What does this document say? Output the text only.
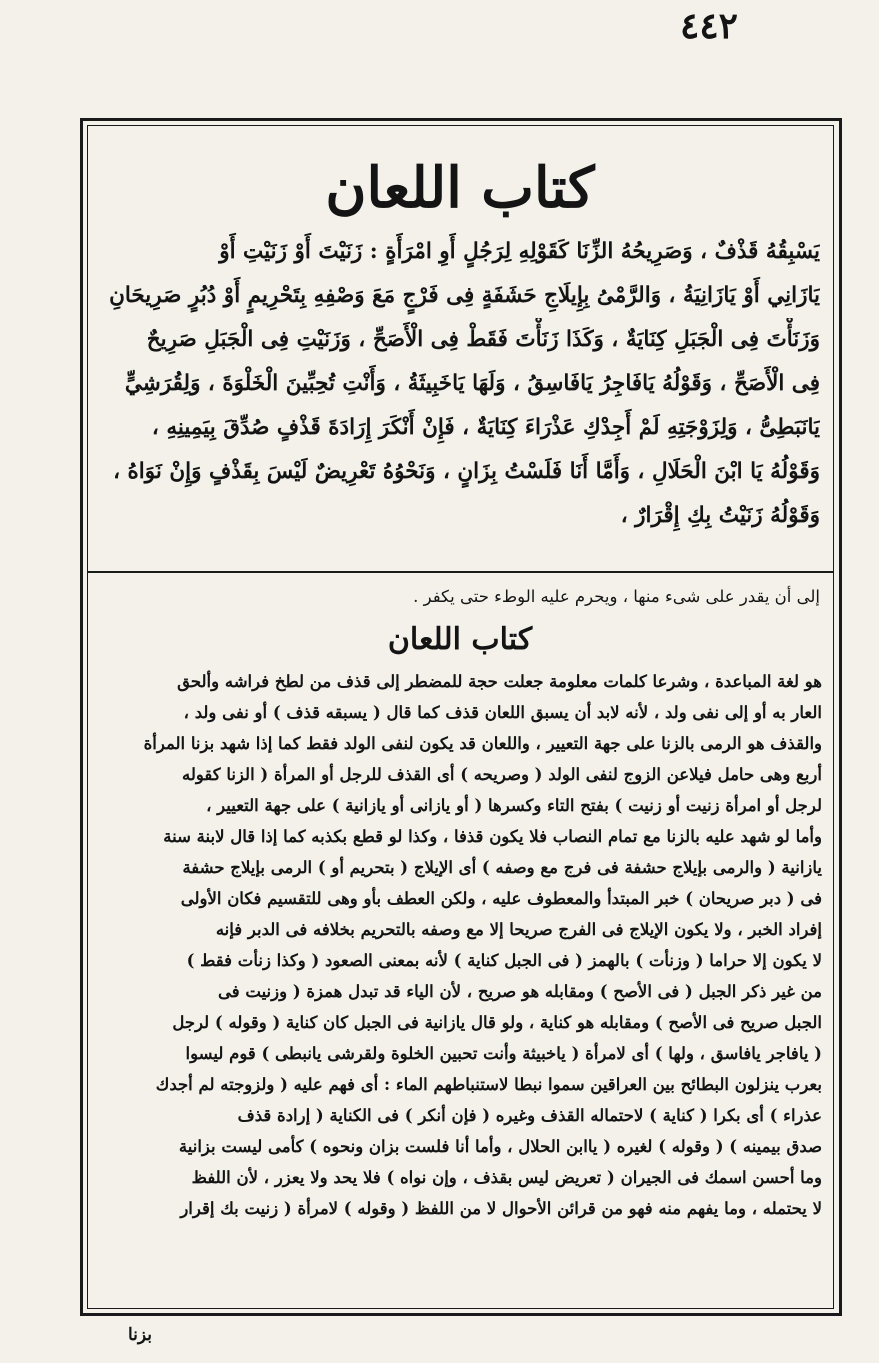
٤٤٢
كتاب اللعان
يَسْبِقُهُ قَذْفٌ ، وَصَرِيحُهُ الزِّنَا كَقَوْلِهِ لِرَجُلٍ أَوِ امْرَأَةٍ : زَنَيْتَ أَوْ زَنَيْتِ أَوْ
يَازَانِي أَوْ يَازَانِيَةُ ، وَالرَّمْىُ بِإِيلَاجِ حَشَفَةٍ فِى فَرْجٍ مَعَ وَصْفِهِ بِتَحْرِيمٍ أَوْ دُبُرٍ صَرِيحَانِ
وَزَنَأْتَ فِى الْجَبَلِ كِنَايَةٌ ، وَكَذَا زَنَأْتَ فَقَطْ فِى الْأَصَحِّ ، وَزَنَيْتِ فِى الْجَبَلِ صَرِيحٌ
فِى الْأَصَحِّ ، وَقَوْلُهُ يَافَاجِرُ يَافَاسِقُ ، وَلَهَا يَاخَبِيثَةُ ، وَأَنْتِ تُحِبِّينَ الْخَلْوَةَ ، وَلِقُرَشِيٍّ
يَانَبَطِىُّ ، وَلِزَوْجَتِهِ لَمْ أَجِدْكِ عَذْرَاءَ كِنَايَةٌ ، فَإِنْ أَنْكَرَ إِرَادَةَ قَذْفٍ صُدِّقَ بِيَمِينِهِ ،
وَقَوْلُهُ يَا ابْنَ الْحَلَالِ ، وَأَمَّا أَنَا فَلَسْتُ بِزَانٍ ، وَنَحْوُهُ تَعْرِيضٌ لَيْسَ بِقَذْفٍ وَإِنْ نَوَاهُ ،
وَقَوْلُهُ زَنَيْتُ بِكِ إِقْرَارٌ ،
إلى أن يقدر على شىء منها ، ويحرم عليه الوطء حتى يكفر .
كتاب اللعان
هو لغة المباعدة ، وشرعا كلمات معلومة جعلت حجة للمضطر إلى قذف من لطخ فراشه وألحق
العار به أو إلى نفى ولد ، لأنه لابد أن يسبق اللعان قذف كما قال ( يسبقه قذف ) أو نفى ولد ،
والقذف هو الرمى بالزنا على جهة التعيير ، واللعان قد يكون لنفى الولد فقط كما إذا شهد بزنا المرأة
أربع وهى حامل فيلاعن الزوج لنفى الولد ( وصريحه ) أى القذف للرجل أو المرأة ( الزنا كقوله
لرجل أو امرأة زنيت أو زنيت ) بفتح التاء وكسرها ( أو يازانى أو يازانية ) على جهة التعيير ،
وأما لو شهد عليه بالزنا مع تمام النصاب فلا يكون قذفا ، وكذا لو قطع بكذبه كما إذا قال لابنة سنة
يازانية ( والرمى بإيلاج حشفة فى فرج مع وصفه ) أى الإيلاج ( بتحريم أو ) الرمى بإيلاج حشفة
فى ( دبر صريحان ) خبر المبتدأ والمعطوف عليه ، ولكن العطف بأو وهى للتقسيم فكان الأولى
إفراد الخبر ، ولا يكون الإيلاج فى الفرج صريحا إلا مع وصفه بالتحريم بخلافه فى الدبر فإنه
لا يكون إلا حراما ( وزنأت ) بالهمز ( فى الجبل كناية ) لأنه بمعنى الصعود ( وكذا زنأت فقط )
من غير ذكر الجبل ( فى الأصح ) ومقابله هو صريح ، لأن الياء قد تبدل همزة ( وزنيت فى
الجبل صريح فى الأصح ) ومقابله هو كناية ، ولو قال يازانية فى الجبل كان كناية ( وقوله ) لرجل
( يافاجر يافاسق ، ولها ) أى لامرأة ( ياخبيثة وأنت تحبين الخلوة ولقرشى يانبطى ) قوم ليسوا
بعرب ينزلون البطائح بين العراقين سموا نبطا لاستنباطهم الماء : أى فهم عليه ( ولزوجته لم أجدك
عذراء ) أى بكرا ( كناية ) لاحتماله القذف وغيره ( فإن أنكر ) فى الكناية ( إرادة قذف
صدق بيمينه ) ( وقوله ) لغيره ( ياابن الحلال ، وأما أنا فلست بزان ونحوه ) كأمى ليست بزانية
وما أحسن اسمك فى الجيران ( تعريض ليس بقذف ، وإن نواه ) فلا يحد ولا يعزر ، لأن اللفظ
لا يحتمله ، وما يفهم منه فهو من قرائن الأحوال لا من اللفظ ( وقوله ) لامرأة ( زنيت بك إقرار
بزنا
